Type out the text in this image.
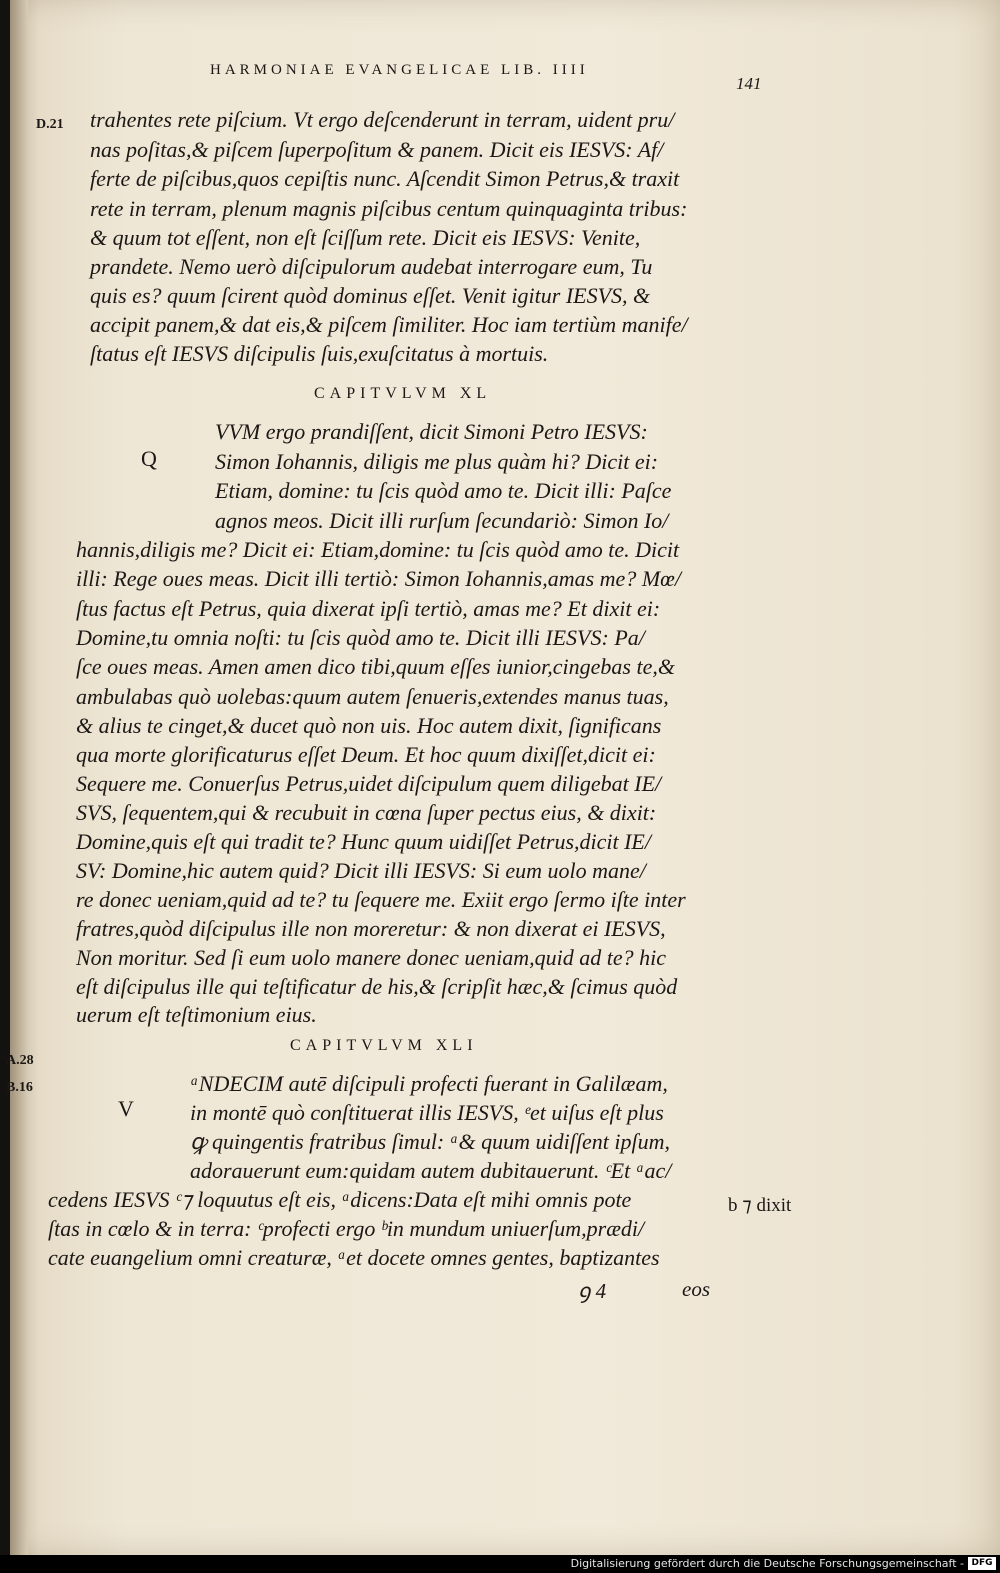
HARMONIAE EVANGELICAE LIB. IIII
141
D.21 trahentes rete piſcium. Vt ergo deſcenderunt in terram, uident pru/
nas poſitas,& piſcem ſuperpoſitum & panem. Dicit eis IESVS: Af/
ferte de piſcibus,quos cepiſtis nunc. Aſcendit Simon Petrus,& traxit
rete in terram, plenum magnis piſcibus centum quinquaginta tribus:
& quum tot eſſent, non eſt ſciſſum rete. Dicit eis IESVS: Venite,
prandete. Nemo uerò diſcipulorum audebat interrogare eum, Tu
quis es? quum ſcirent quòd dominus eſſet. Venit igitur IESVS, &
accipit panem,& dat eis,& piſcem ſimiliter. Hoc iam tertiùm manife/
ſtatus eſt IESVS diſcipulis ſuis,exuſcitatus à mortuis.
CAPITVLVM XL
Q
VVM ergo prandiſſent, dicit Simoni Petro IESVS:
Simon Iohannis, diligis me plus quàm hi? Dicit ei:
Etiam, domine: tu ſcis quòd amo te. Dicit illi: Paſce
agnos meos. Dicit illi rurſum ſecundariò: Simon Io/
hannis,diligis me? Dicit ei: Etiam,domine: tu ſcis quòd amo te. Dicit
illi: Rege oues meas. Dicit illi tertiò: Simon Iohannis,amas me? Mœ/
ſtus factus eſt Petrus, quia dixerat ipſi tertiò, amas me? Et dixit ei:
Domine,tu omnia noſti: tu ſcis quòd amo te. Dicit illi IESVS: Pa/
ſce oues meas. Amen amen dico tibi,quum eſſes iunior,cingebas te,&
ambulabas quò uolebas:quum autem ſenueris,extendes manus tuas,
& alius te cinget,& ducet quò non uis. Hoc autem dixit, ſignificans
qua morte glorificaturus eſſet Deum. Et hoc quum dixiſſet,dicit ei:
Sequere me. Conuerſus Petrus,uidet diſcipulum quem diligebat IE/
SVS, ſequentem,qui & recubuit in cœna ſuper pectus eius, & dixit:
Domine,quis eſt qui tradit te? Hunc quum uidiſſet Petrus,dicit IE/
SV: Domine,hic autem quid? Dicit illi IESVS: Si eum uolo mane/
re donec ueniam,quid ad te? tu ſequere me. Exiit ergo ſermo iſte inter
fratres,quòd diſcipulus ille non moreretur: & non dixerat ei IESVS,
Non moritur. Sed ſi eum uolo manere donec ueniam,quid ad te? hic
eſt diſcipulus ille qui teſtificatur de his,& ſcripſit hæc,& ſcimus quòd
uerum eſt teſtimonium eius.
CAPITVLVM XLI
A.28
B.16
V
ᵃNDECIM autē diſcipuli profecti fuerant in Galilæam,
in montē quò conſtituerat illis IESVS, ᵉet uiſus eſt plus
ꝙ quingentis fratribus ſimul: ᵃ& quum uidiſſent ipſum,
adorauerunt eum:quidam autem dubitauerunt. ᶜEt ᵃac/
cedens IESVS ᶜ⁊ loquutus eſt eis, ᵃdicens:Data eſt mihi omnis pote
ſtas in cœlo & in terra: ᶜprofecti ergo ᵇin mundum uniuerſum,prædi/
cate euangelium omni creaturæ, ᵃet docete omnes gentes, baptizantes
b ⁊ dixit
ꝯ 4	eos
Digitalisierung gefördert durch die Deutsche Forschungsgemeinschaft - DFG
